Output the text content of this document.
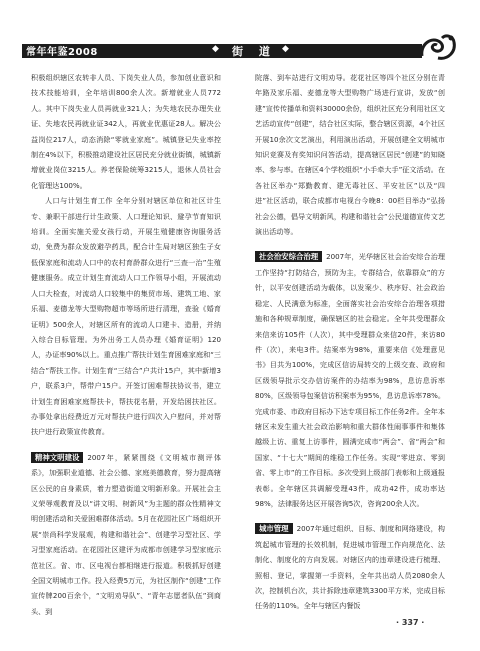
常年年鉴2008	◆ 街 道 ◆

积极组织辖区农转非人员、下岗失业人员，参加创业意识和技术技能培训，全年培训800余人次。新增就业人员772人。其中下岗失业人员再就业321人；为失地农民办理失业证、失地农民再就业证342人，再就业优惠证28人。解决公益岗位217人，动态消除“零就业家庭”。城镇登记失业率控制在4%以下，积极推动建设社区居民充分就业街镇，城镇新增就业岗位3215人。养老保险统筹3215人，退休人员社会化管理达100%。

人口与计划生育工作 全年分别对辖区单位和社区计生专、兼职干部进行计生政策、人口理论知识、避孕节育知识培训。全面实施关爱女孩行动，开展生殖健康咨询服务活动，免费为群众发放避孕药具，配合计生局对辖区独生子女低保家庭和流动人口中的农村育龄群众进行“三查一治”生殖健康服务。成立计划生育流动人口工作领导小组，开展流动人口大检查，对流动人口较集中的集贸市场、建筑工地、家乐福、麦德龙等大型购物超市等场所进行清理，查验《婚育证明》500余人，对辖区所有的流动人口建卡、造册，并纳入综合目标管理。为外出务工人员办理《婚育证明》120人，办证率90%以上。重点推广帮扶计划生育困难家庭和“三结合”帮扶工作。计划生育“三结合”户共计15户，其中新增3户，联系3户，帮带户15户。开签订困难帮扶协议书，建立计划生育困难家庭帮扶卡，帮扶花名册，开发给困扶社区。办事处拿出经费近万元对帮扶户进行四次入户慰问，并对帮扶户进行政策宣传教育。

精神文明建设 2007年，紧紧围绕《文明城市测评体系》，加强职业道德、社会公德、家庭美德教育，努力提高辖区公民的自身素质，着力塑造街道文明新形象。开展社会主义荣辱观教育及以“讲文明、树新风”为主题的群众性精神文明创建活动和关爱困难群体活动。5月在花园社区广场组织开展“崇尚科学发展观，构建和谐社会”、创建学习型社区、学习型家庭活动。在花园社区建评为成都市创建学习型家庭示范社区。省、市、区电视台都相继进行报道。积极抓好创建全国文明城市工作。投入经费5万元，为社区制作“创建”工作宣传牌200百余个，“文明劝导队”、“青年志愿者队伍”到商头、到

院落、到车站进行文明劝导。花花社区等四个社区分别在青年路及家乐福、麦德龙等大型购物广场进行宣讲，发放“创建”宣传传播单和资料30000余份，组织社区充分利用社区文艺活动宣传“创建”，结合社区实际，整合辖区资源，4个社区开展10余次文艺演出，利用演出活动，开展创建全文明城市知识竞赛及有奖知识问答活动，提高辖区居民“创建”的知晓率、参与率。在辖区4个学校组织“小手牵大手”征文活动。在各社区举办“郑勤教育、建无毒社区、平安社区”以及“四进”社区活动，联合成都市电视台今晚8：00栏目举办“弘扬社会公德，倡导文明新风，构建和谐社会”公民道德宣传文艺演出活动等。

社会治安综合治理 2007年，光华辖区社会治安综合治理工作坚持“打防结合，预防为主，专群结合，依靠群众”的方针，以平安创建活动为载体，以发案少、秩序好、社会政治稳定、人民满意为标准，全面落实社会治安综合治理各项措施和各种规章制度，确保辖区的社会稳定。全年共受理群众来信来访105件（人次），其中受理群众来信20件，来访80件（次），来电3件。结案率为98%，重要来信《处理意见书》目共为100%，完成区信访局转交的上级交查、政府和区级领导批示交办信访案件的办结率为98%，息访息诉率80%，区级领导包案信访积案率为95%，息访息诉率78%。完成市委、市政府目标办下达专项目标工作任务2件。全年本辖区未发生重大社会政治影响和重大群体性闹事事件和集体越级上访、重复上访事件，圆满完成市“两会”、省“两会”和国家、“十七大”期间的维稳工作任务。实现“零进京、零到省、零上市”的工作目标。多次受到上级部门表彰和上级通报表彰。全年辖区共调解受理43件，成功42件，成功率达98%，法律服务达区开展咨询5次，咨询200余人次。

城市管理 2007年通过组织、目标、制度和网络建设，构筑起城市管理的长效机制，促进城市管理工作向规范化、法制化、制度化的方向发展。对辖区内的违章建设进行梳理、照相、登记，掌握第一手资料，全年共出动人员2080余人次，控制机台次，共计拆除违章建筑3300平方米，完成目标任务的110%。全年与辖区内餐饭

· 337 ·
